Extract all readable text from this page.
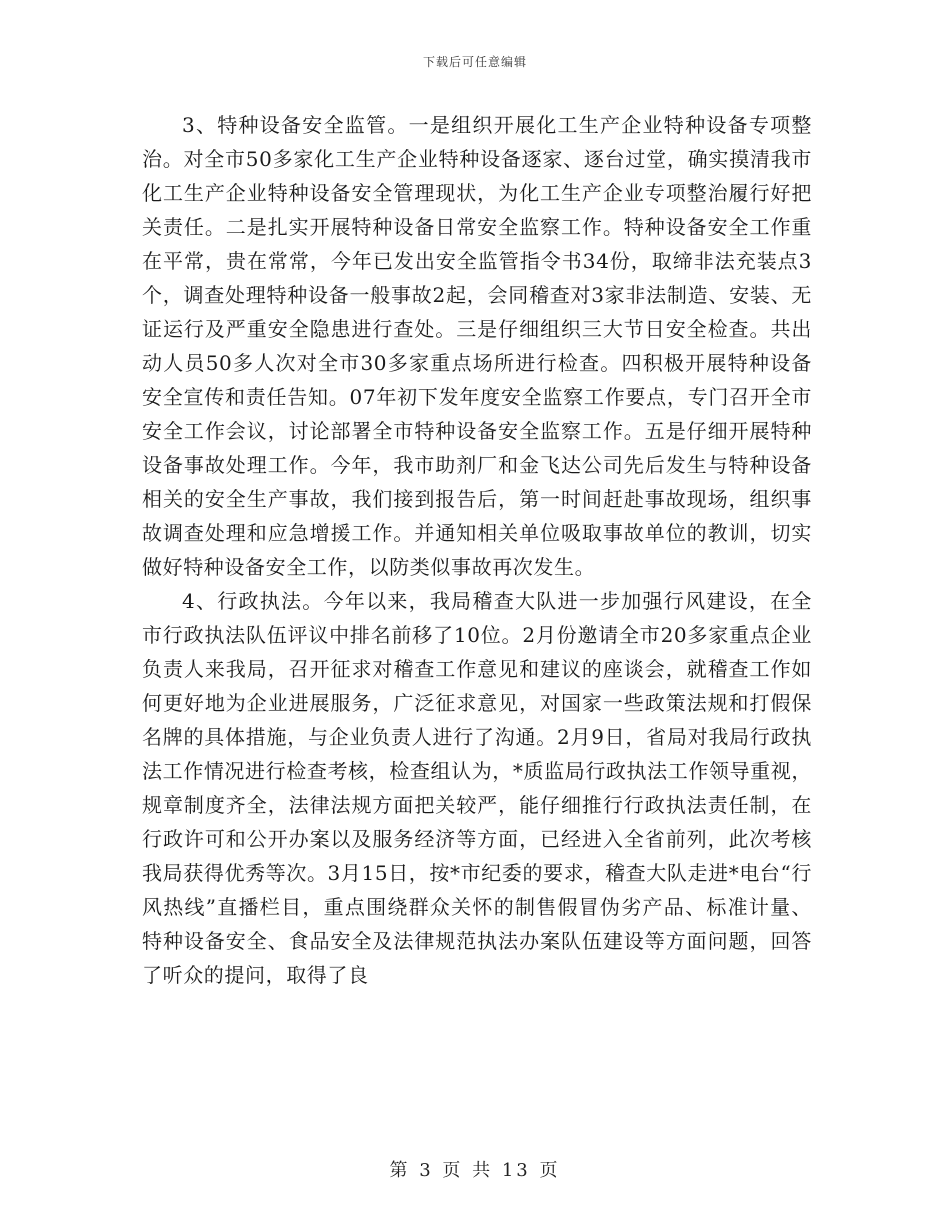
下载后可任意编辑

3、特种设备安全监管。一是组织开展化工生产企业特种设备专项整治。对全市50多家化工生产企业特种设备逐家、逐台过堂，确实摸清我市化工生产企业特种设备安全管理现状，为化工生产企业专项整治履行好把关责任。二是扎实开展特种设备日常安全监察工作。特种设备安全工作重在平常，贵在常常，今年已发出安全监管指令书34份，取缔非法充装点3个，调查处理特种设备一般事故2起，会同稽查对3家非法制造、安装、无证运行及严重安全隐患进行查处。三是仔细组织三大节日安全检查。共出动人员50多人次对全市30多家重点场所进行检查。四积极开展特种设备安全宣传和责任告知。07年初下发年度安全监察工作要点，专门召开全市安全工作会议，讨论部署全市特种设备安全监察工作。五是仔细开展特种设备事故处理工作。今年，我市助剂厂和金飞达公司先后发生与特种设备相关的安全生产事故，我们接到报告后，第一时间赶赴事故现场，组织事故调查处理和应急增援工作。并通知相关单位吸取事故单位的教训，切实做好特种设备安全工作，以防类似事故再次发生。

4、行政执法。今年以来，我局稽查大队进一步加强行风建设，在全市行政执法队伍评议中排名前移了10位。2月份邀请全市20多家重点企业负责人来我局，召开征求对稽查工作意见和建议的座谈会，就稽查工作如何更好地为企业进展服务，广泛征求意见，对国家一些政策法规和打假保名牌的具体措施，与企业负责人进行了沟通。2月9日，省局对我局行政执法工作情况进行检查考核，检查组认为，*质监局行政执法工作领导重视，规章制度齐全，法律法规方面把关较严，能仔细推行行政执法责任制，在行政许可和公开办案以及服务经济等方面，已经进入全省前列，此次考核我局获得优秀等次。3月15日，按*市纪委的要求，稽查大队走进*电台“行风热线”直播栏目，重点围绕群众关怀的制售假冒伪劣产品、标准计量、特种设备安全、食品安全及法律规范执法办案队伍建设等方面问题，回答了听众的提问，取得了良

第 3 页 共 13 页
